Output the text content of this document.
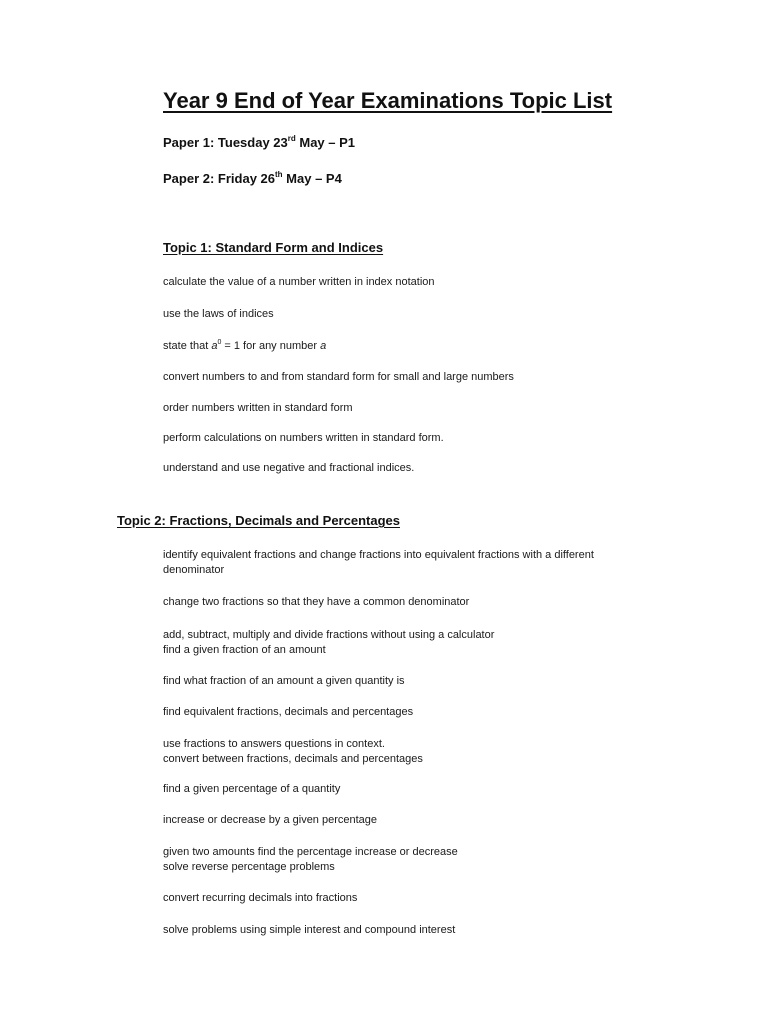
Year 9 End of Year Examinations Topic List
Paper 1: Tuesday 23rd May – P1
Paper 2: Friday 26th May – P4
Topic 1: Standard Form and Indices
calculate the value of a number written in index notation
use the laws of indices
state that $a^0 = 1$ for any number a
convert numbers to and from standard form for small and large numbers
order numbers written in standard form
perform calculations on numbers written in standard form.
understand and use negative and fractional indices.
Topic 2: Fractions, Decimals and Percentages
identify equivalent fractions and change fractions into equivalent fractions with a different
denominator
change two fractions so that they have a common denominator
add, subtract, multiply and divide fractions without using a calculator
find a given fraction of an amount
find what fraction of an amount a given quantity is
find equivalent fractions, decimals and percentages
use fractions to answers questions in context.
convert between fractions, decimals and percentages
find a given percentage of a quantity
increase or decrease by a given percentage
given two amounts find the percentage increase or decrease
solve reverse percentage problems
convert recurring decimals into fractions
solve problems using simple interest and compound interest
